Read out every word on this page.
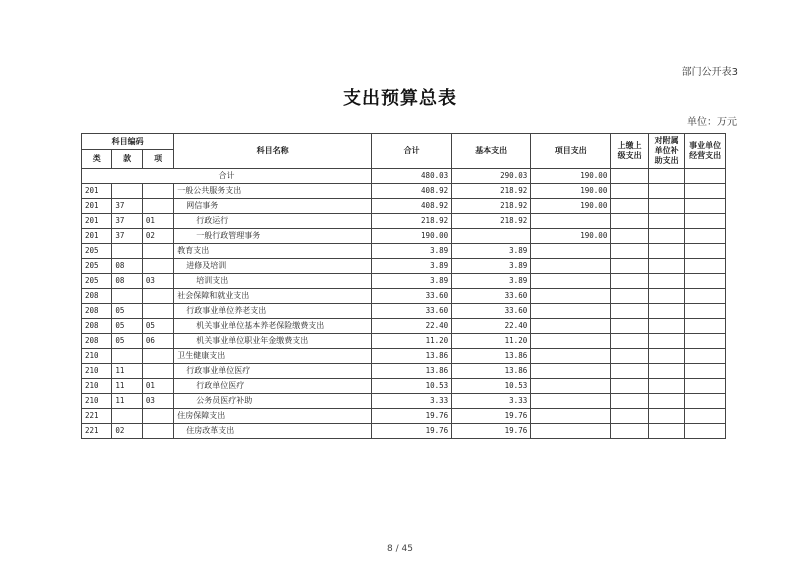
部门公开表3
支出预算总表
单位：万元
科目编码			科目名称	合计	基本支出	项目支出	上缴上级支出	对附属单位补助支出	事业单位经营支出
类	款	项							
合计				480.03	290.03	190.00			
201			一般公共服务支出	408.92	218.92	190.00			
201	37		网信事务	408.92	218.92	190.00			
201	37	01	行政运行	218.92	218.92				
201	37	02	一般行政管理事务	190.00		190.00			
205			教育支出	3.89	3.89				
205	08		进修及培训	3.89	3.89				
205	08	03	培训支出	3.89	3.89				
208			社会保障和就业支出	33.60	33.60				
208	05		行政事业单位养老支出	33.60	33.60				
208	05	05	机关事业单位基本养老保险缴费支出	22.40	22.40				
208	05	06	机关事业单位职业年金缴费支出	11.20	11.20				
210			卫生健康支出	13.86	13.86				
210	11		行政事业单位医疗	13.86	13.86				
210	11	01	行政单位医疗	10.53	10.53				
210	11	03	公务员医疗补助	3.33	3.33				
221			住房保障支出	19.76	19.76				
221	02		住房改革支出	19.76	19.76				
8 / 45
